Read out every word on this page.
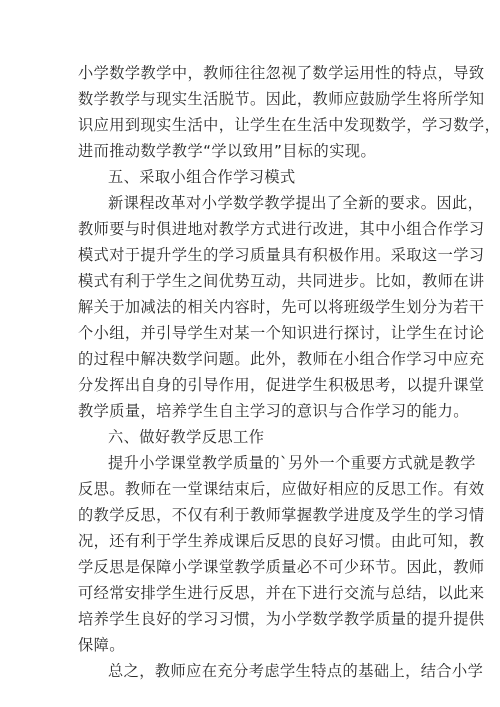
小学数学教学中，教师往往忽视了数学运用性的特点，导致
数学教学与现实生活脱节。因此，教师应鼓励学生将所学知
识应用到现实生活中，让学生在生活中发现数学，学习数学，
进而推动数学教学“学以致用”目标的实现。
五、采取小组合作学习模式
新课程改革对小学数学教学提出了全新的要求。因此，
教师要与时俱进地对教学方式进行改进，其中小组合作学习
模式对于提升学生的学习质量具有积极作用。采取这一学习
模式有利于学生之间优势互动，共同进步。比如，教师在讲
解关于加减法的相关内容时，先可以将班级学生划分为若干
个小组，并引导学生对某一个知识进行探讨，让学生在讨论
的过程中解决数学问题。此外，教师在小组合作学习中应充
分发挥出自身的引导作用，促进学生积极思考，以提升课堂
教学质量，培养学生自主学习的意识与合作学习的能力。
六、做好教学反思工作
提升小学课堂教学质量的`另外一个重要方式就是教学
反思。教师在一堂课结束后，应做好相应的反思工作。有效
的教学反思，不仅有利于教师掌握教学进度及学生的学习情
况，还有利于学生养成课后反思的良好习惯。由此可知，教
学反思是保障小学课堂教学质量必不可少环节。因此，教师
可经常安排学生进行反思，并在下进行交流与总结，以此来
培养学生良好的学习习惯，为小学数学教学质量的提升提供
保障。
总之，教师应在充分考虑学生特点的基础上，结合小学
